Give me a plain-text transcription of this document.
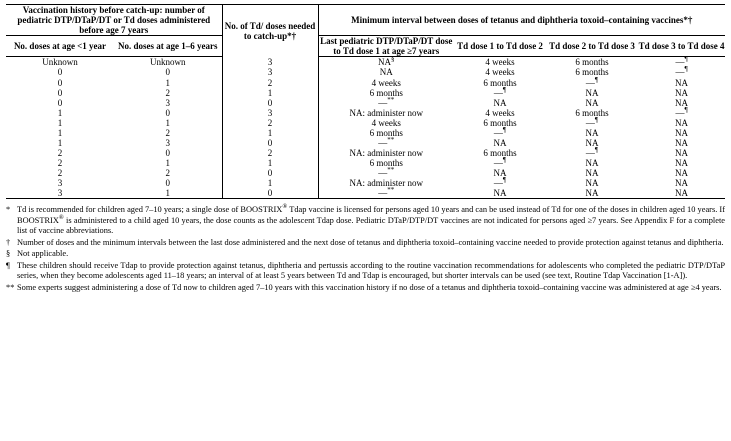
Vaccination history before catch-up: number of pediatric DTP/DTaP/DT or Td doses administered before age 7 years		No. of Td/ doses needed to catch-up*†	Minimum interval between doses of tetanus and diphtheria toxoid–containing vaccines*†			
No. doses at age <1 year	No. doses at age 1–6 years		Last pediatric DTP/DTaP/DT dose to Td dose 1 at age ≥7 years	Td dose 1 to Td dose 2	Td dose 2 to Td dose 3	Td dose 3 to Td dose 4
Unknown	Unknown	3	NA§	4 weeks	6 months	—¶
0	0	3	NA	4 weeks	6 months	—¶
0	1	2	4 weeks	6 months	—¶	NA
0	2	1	6 months	—¶	NA	NA
0	3	0	—**	NA	NA	NA
1	0	3	NA: administer now	4 weeks	6 months	—¶
1	1	2	4 weeks	6 months	—¶	NA
1	2	1	6 months	—¶	NA	NA
1	3	0	—**	NA	NA	NA
2	0	2	NA: administer now	6 months	—¶	NA
2	1	1	6 months	—¶	NA	NA
2	2	0	—**	NA	NA	NA
3	0	1	NA: administer now	—¶	NA	NA
3	1	0	—**	NA	NA	NA
* Td is recommended for children aged 7–10 years; a single dose of BOOSTRIX® Tdap vaccine is licensed for persons aged 10 years and can be used instead of Td for one of the doses in children aged 10 years. If BOOSTRIX® is administered to a child aged 10 years, the dose counts as the adolescent Tdap dose. Pediatric DTaP/DTP/DT vaccines are not indicated for persons aged ≥7 years. See Appendix F for a complete list of vaccine abbreviations.
† Number of doses and the minimum intervals between the last dose administered and the next dose of tetanus and diphtheria toxoid–containing vaccine needed to provide protection against tetanus and diphtheria.
§ Not applicable.
¶ These children should receive Tdap to provide protection against tetanus, diphtheria and pertussis according to the routine vaccination recommendations for adolescents who completed the pediatric DTP/DTaP series, when they become adolescents aged 11–18 years; an interval of at least 5 years between Td and Tdap is encouraged, but shorter intervals can be used (see text, Routine Tdap Vaccination [1-A]).
** Some experts suggest administering a dose of Td now to children aged 7–10 years with this vaccination history if no dose of a tetanus and diphtheria toxoid–containing vaccine was administered at age ≥4 years.
